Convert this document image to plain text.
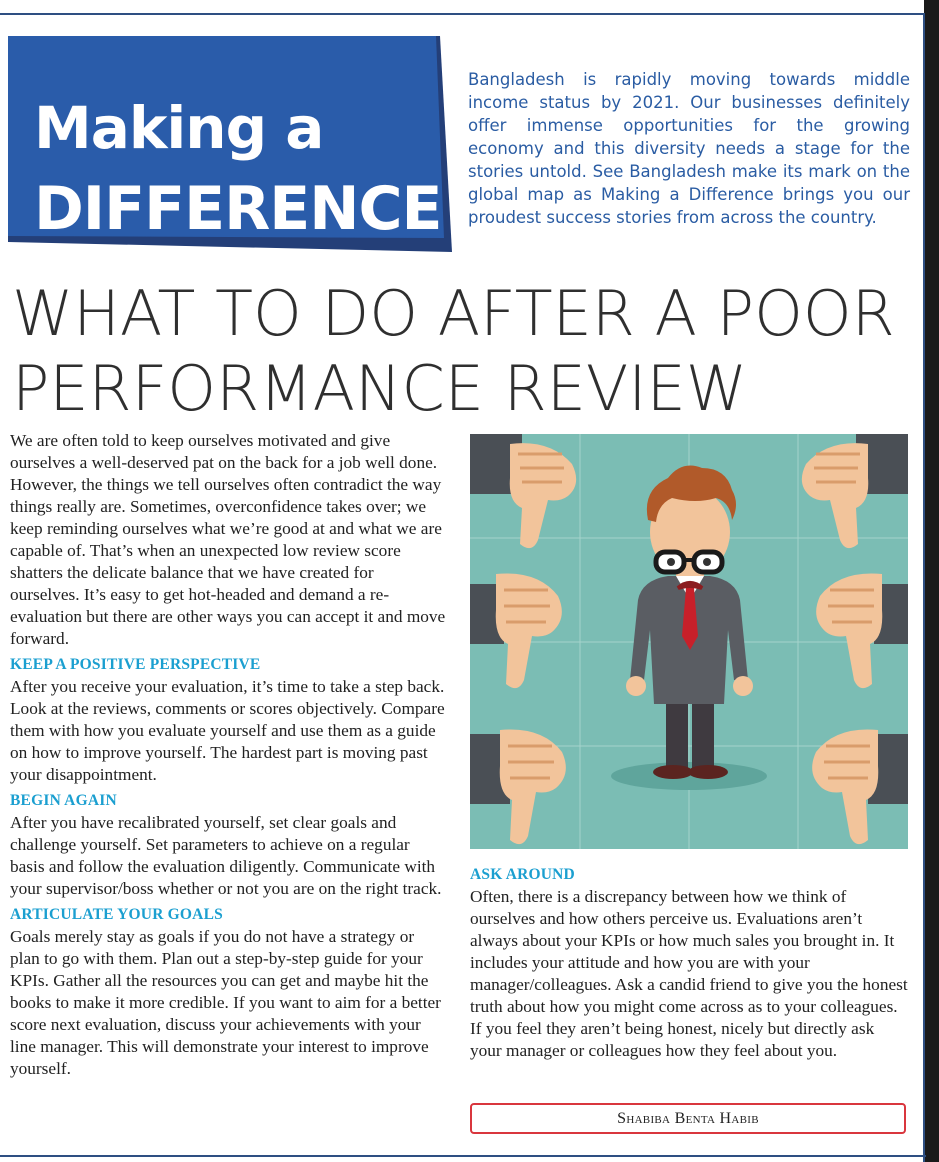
Making a
DIFFERENCE

Bangladesh is rapidly moving towards middle income status by 2021. Our businesses definitely offer immense opportunities for the growing economy and this diversity needs a stage for the stories untold. See Bangladesh make its mark on the global map as Making a Difference brings you our proudest success stories from across the country.

WHAT TO DO AFTER A POOR
PERFORMANCE REVIEW

We are often told to keep ourselves motivated and give ourselves a well-deserved pat on the back for a job well done. However, the things we tell ourselves often contradict the way things really are. Sometimes, overconfidence takes over; we keep reminding ourselves what we’re good at and what we are capable of. That’s when an unexpected low review score shatters the delicate balance that we have created for ourselves. It’s easy to get hot-headed and demand a re-evaluation but there are other ways you can accept it and move forward.

KEEP A POSITIVE PERSPECTIVE

After you receive your evaluation, it’s time to take a step back. Look at the reviews, comments or scores objectively. Compare them with how you evaluate yourself and use them as a guide on how to improve yourself. The hardest part is moving past your disappointment.

BEGIN AGAIN

After you have recalibrated yourself, set clear goals and challenge yourself. Set parameters to achieve on a regular basis and follow the evaluation diligently. Communicate with your supervisor/boss whether or not you are on the right track.

ARTICULATE YOUR GOALS

Goals merely stay as goals if you do not have a strategy or plan to go with them. Plan out a step-by-step guide for your KPIs. Gather all the resources you can get and maybe hit the books to make it more credible. If you want to aim for a better score next evaluation, discuss your achievements with your line manager. This will demonstrate your interest to improve yourself.

ASK AROUND

Often, there is a discrepancy between how we think of ourselves and how others perceive us. Evaluations aren’t always about your KPIs or how much sales you brought in. It includes your attitude and how you are with your manager/colleagues. Ask a candid friend to give you the honest truth about how you might come across as to your colleagues. If you feel they aren’t being honest, nicely but directly ask your manager or colleagues how they feel about you.

Shabiba Benta Habib
